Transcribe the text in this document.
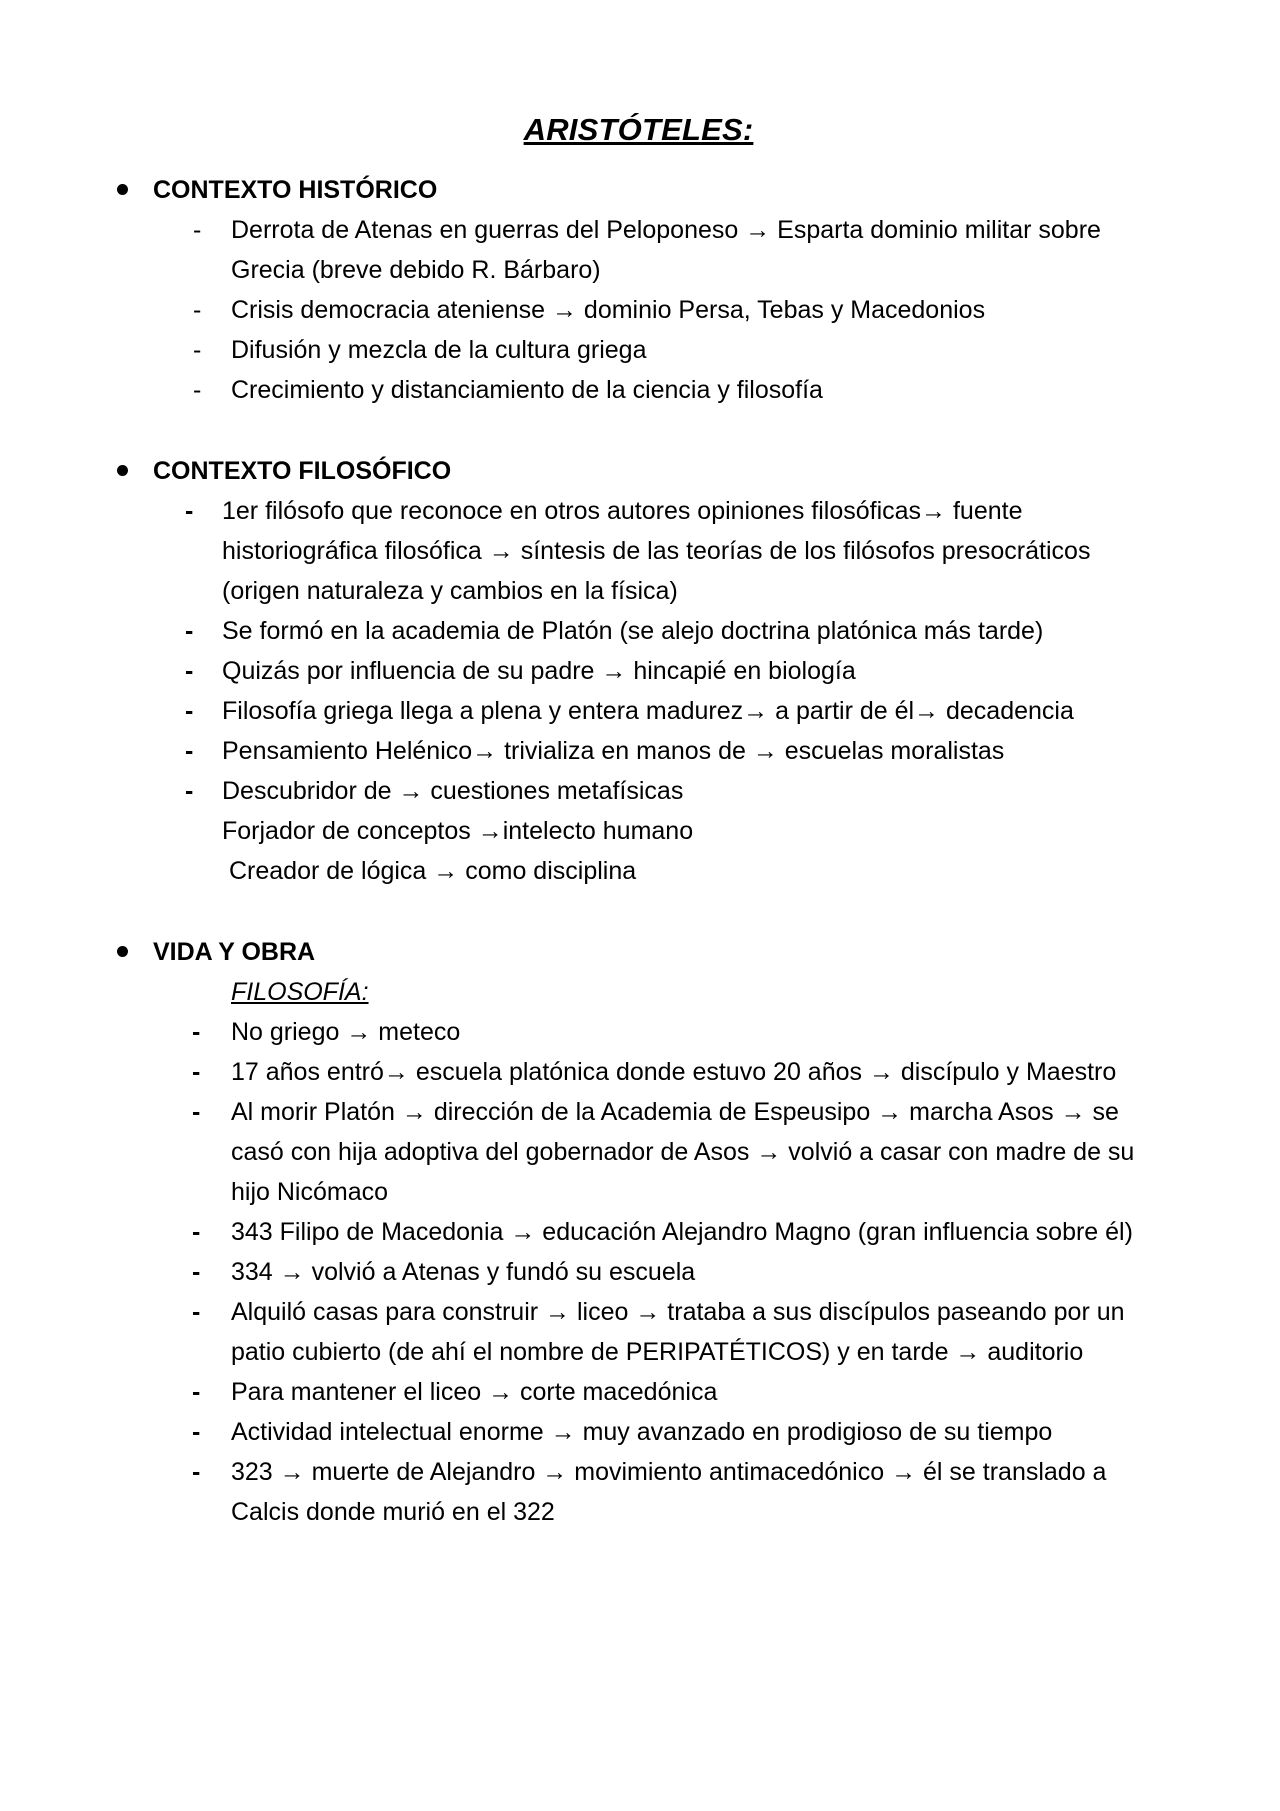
ARISTÓTELES:
CONTEXTO HISTÓRICO
- Derrota de Atenas en guerras del Peloponeso → Esparta dominio militar sobre Grecia (breve debido R. Bárbaro)
- Crisis democracia ateniense → dominio Persa, Tebas y Macedonios
- Difusión y mezcla de la cultura griega
- Crecimiento y distanciamiento de la ciencia y filosofía
CONTEXTO FILOSÓFICO
- 1er filósofo que reconoce en otros autores opiniones filosóficas→ fuente historiográfica filosófica → síntesis de las teorías de los filósofos presocráticos (origen naturaleza y cambios en la física)
- Se formó en la academia de Platón (se alejo doctrina platónica más tarde)
- Quizás por influencia de su padre → hincapié en biología
- Filosofía griega llega a plena y entera madurez→ a partir de él→ decadencia
- Pensamiento Helénico→ trivializa en manos de → escuelas moralistas
- Descubridor de → cuestiones metafísicas
Forjador de conceptos →intelecto humano
Creador de lógica → como disciplina
VIDA Y OBRA
FILOSOFÍA:
- No griego → meteco
- 17 años entró→ escuela platónica donde estuvo 20 años → discípulo y Maestro
- Al morir Platón → dirección de la Academia de Espeusipo → marcha Asos → se casó con hija adoptiva del gobernador de Asos → volvió a casar con madre de su hijo Nicómaco
- 343 Filipo de Macedonia → educación Alejandro Magno (gran influencia sobre él)
- 334 → volvió a Atenas y fundó su escuela
- Alquiló casas para construir → liceo → trataba a sus discípulos paseando por un patio cubierto (de ahí el nombre de PERIPATÉTICOS) y en tarde → auditorio
- Para mantener el liceo → corte macedónica
- Actividad intelectual enorme → muy avanzado en prodigioso de su tiempo
- 323 → muerte de Alejandro → movimiento antimacedónico → él se translado a Calcis donde murió en el 322
